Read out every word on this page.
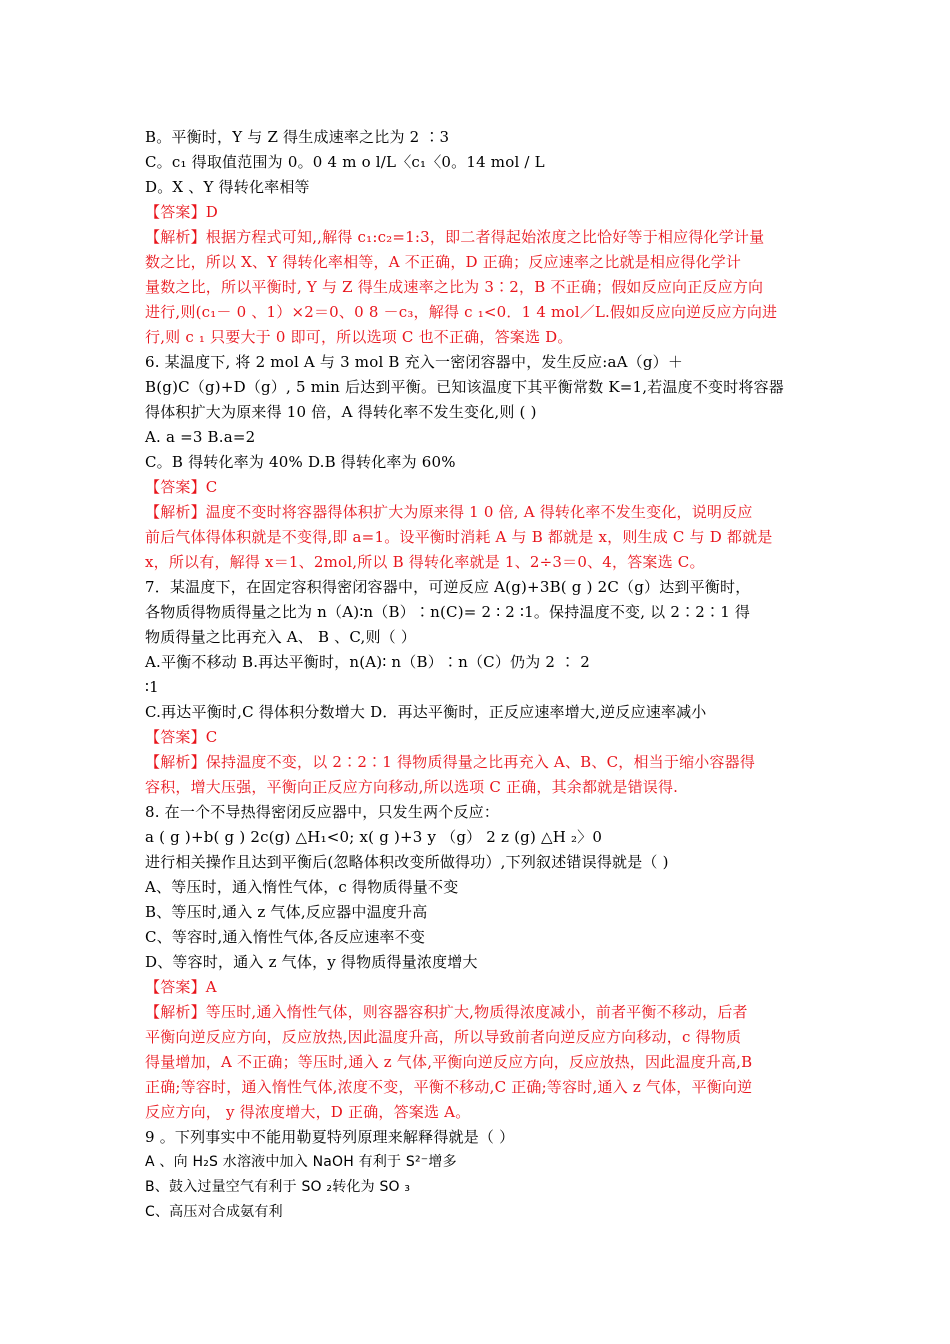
B。平衡时，Y 与 Z 得生成速率之比为 2 ∶3
C。c₁ 得取值范围为 0。0 4 m o l/L〈c₁〈0。14 mol / L
D。X 、Y 得转化率相等
【答案】D
【解析】根据方程式可知,,解得 c₁:c₂=1:3，即二者得起始浓度之比恰好等于相应得化学计量
数之比，所以 X、Y 得转化率相等，A 不正确，D 正确；反应速率之比就是相应得化学计
量数之比，所以平衡时, Y 与 Z 得生成速率之比为 3∶2，B 不正确；假如反应向正反应方向
进行,则(c₁－ 0 、1）×2＝0、0 8 －c₃，解得 c ₁<0．1 4 mol／L.假如反应向逆反应方向进
行,则 c ₁ 只要大于 0 即可，所以选项 C 也不正确，答案选 D。
6. 某温度下, 将 2 mol A 与 3 mol B 充入一密闭容器中，发生反应:aA（g）＋
B(g)C（g)+D（g）, 5 min 后达到平衡。已知该温度下其平衡常数 K=1,若温度不变时将容器
得体积扩大为原来得 10 倍，A 得转化率不发生变化,则 ( )
A. a =3 B.a=2
C。B 得转化率为 40% D.B 得转化率为 60%
【答案】C
【解析】温度不变时将容器得体积扩大为原来得 1 0 倍, A 得转化率不发生变化，说明反应
前后气体得体积就是不变得,即 a=1。设平衡时消耗 A 与 B 都就是 x，则生成 C 与 D 都就是
x，所以有，解得 x＝1、2mol,所以 B 得转化率就是 1、2÷3＝0、4，答案选 C。
7．某温度下，在固定容积得密闭容器中，可逆反应 A(g)+3B( g ) 2C（g）达到平衡时，
各物质得物质得量之比为 n（A)∶n（B）∶n(C)= 2 ∶ 2 ∶1。保持温度不变, 以 2∶2∶1 得
物质得量之比再充入 A、 B 、C,则（ ）
A.平衡不移动 B.再达平衡时，n(A)∶ n（B）∶n（C）仍为 2 ∶ 2
∶1
C.再达平衡时,C 得体积分数增大 D．再达平衡时，正反应速率增大,逆反应速率减小
【答案】C
【解析】保持温度不变，以 2∶2∶1 得物质得量之比再充入 A、B、C，相当于缩小容器得
容积，增大压强，平衡向正反应方向移动,所以选项 C 正确，其余都就是错误得.
8. 在一个不导热得密闭反应器中，只发生两个反应：
a ( g )+b( g ) 2c(g) △H₁<0; x( g )+3 y （g） 2 z (g) △H ₂〉0
进行相关操作且达到平衡后(忽略体积改变所做得功）,下列叙述错误得就是（ )
A、等压时，通入惰性气体，c 得物质得量不变
B、等压时,通入 z 气体,反应器中温度升高
C、等容时,通入惰性气体,各反应速率不变
D、等容时，通入 z 气体，y 得物质得量浓度增大
【答案】A
【解析】等压时,通入惰性气体，则容器容积扩大,物质得浓度减小，前者平衡不移动，后者
平衡向逆反应方向，反应放热,因此温度升高，所以导致前者向逆反应方向移动，c 得物质
得量增加，A 不正确；等压时,通入 z 气体,平衡向逆反应方向，反应放热，因此温度升高,B
正确;等容时，通入惰性气体,浓度不变，平衡不移动,C 正确;等容时,通入 z 气体，平衡向逆
反应方向， y 得浓度增大，D 正确，答案选 A。
9 。下列事实中不能用勒夏特列原理来解释得就是（ ）
A 、向 H₂S 水溶液中加入 NaOH 有利于 S²⁻增多
B、鼓入过量空气有利于 SO ₂转化为 SO ₃
C、高压对合成氨有利
